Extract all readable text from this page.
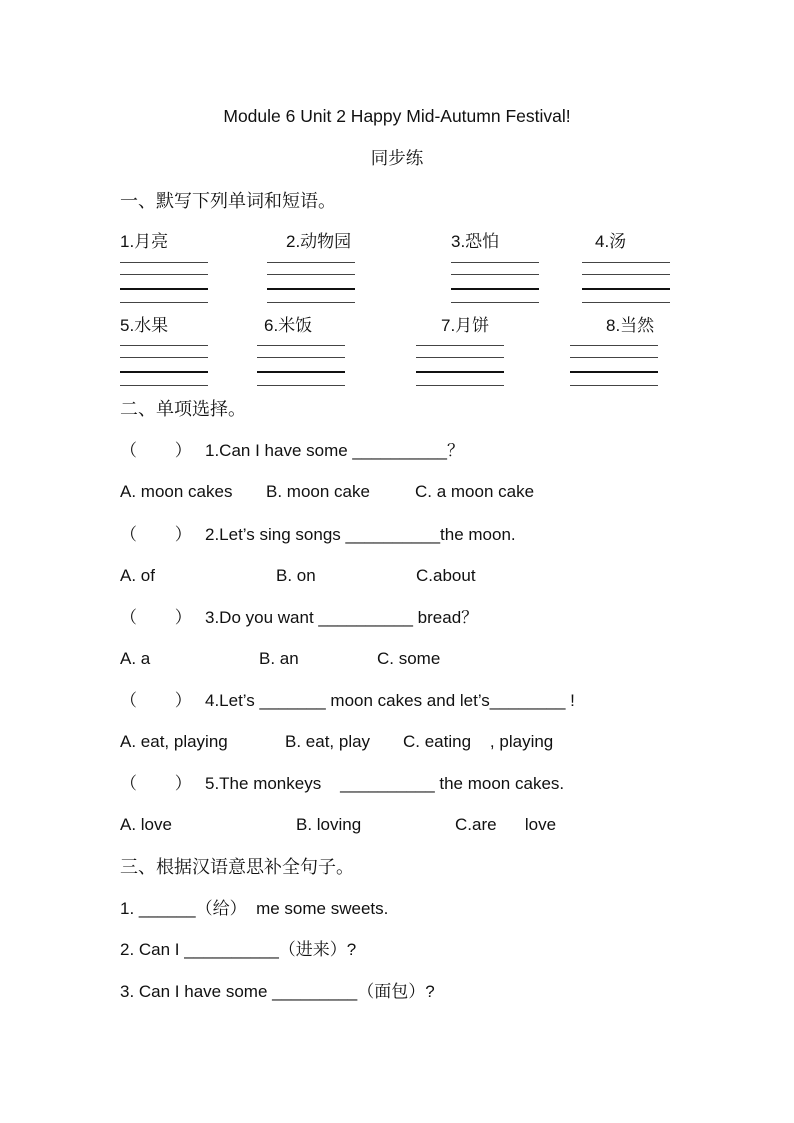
Module 6 Unit 2 Happy Mid-Autumn Festival!
同步练
一、默写下列单词和短语。
1.月亮	2.动物园	3.恐怕	4.汤
5.水果	6.米饭	7.月饼	8.当然
二、单项选择。
（        ） 1.Can I have some __________？
A. moon cakes B. moon cake	C. a moon cake
（        ） 2.Let’s sing songs __________the moon.
A. of	B. on	C.about
（        ） 3.Do you want __________ bread？
A. a	B. an	C. some
（        ） 4.Let’s _______ moon cakes and let’s________ !
A. eat, playing	B. eat, play C. eating    , playing
（        ） 5.The monkeys    __________ the moon cakes.
A. love	B. loving	C.are      love
三、根据汉语意思补全句子。
1. ______（给）  me some sweets.
2. Can I __________（进来）?
3. Can I have some _________（面包）?
